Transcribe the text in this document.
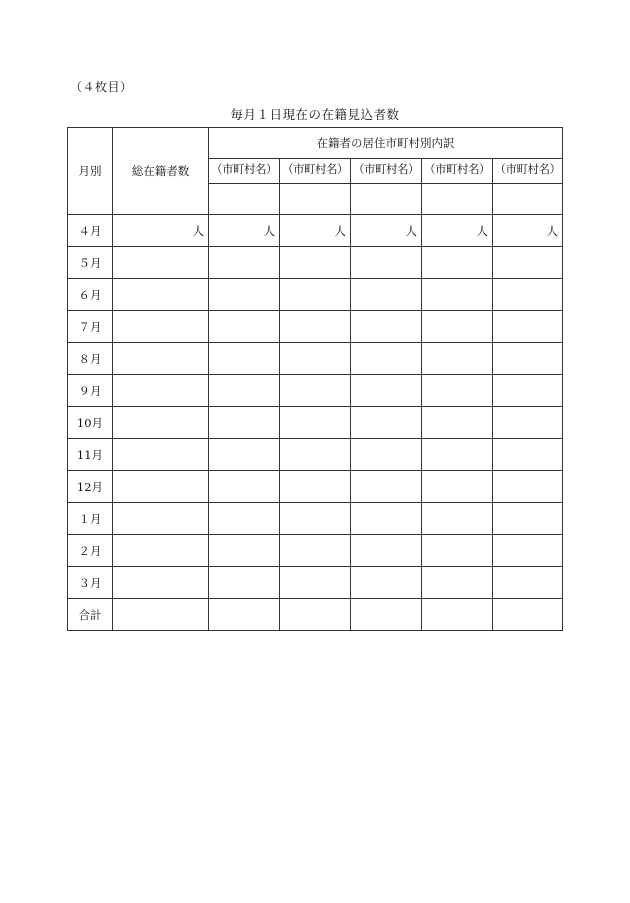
（４枚目）
毎月１日現在の在籍見込者数
月別	総在籍者数	在籍者の居住市町村別内訳				
		（市町村名）	（市町村名）	（市町村名）	（市町村名）	（市町村名）

４月	人	人	人	人	人	人
５月						
６月						
７月						
８月						
９月						
10月						
11月						
12月						
１月						
２月						
３月						
合計						
